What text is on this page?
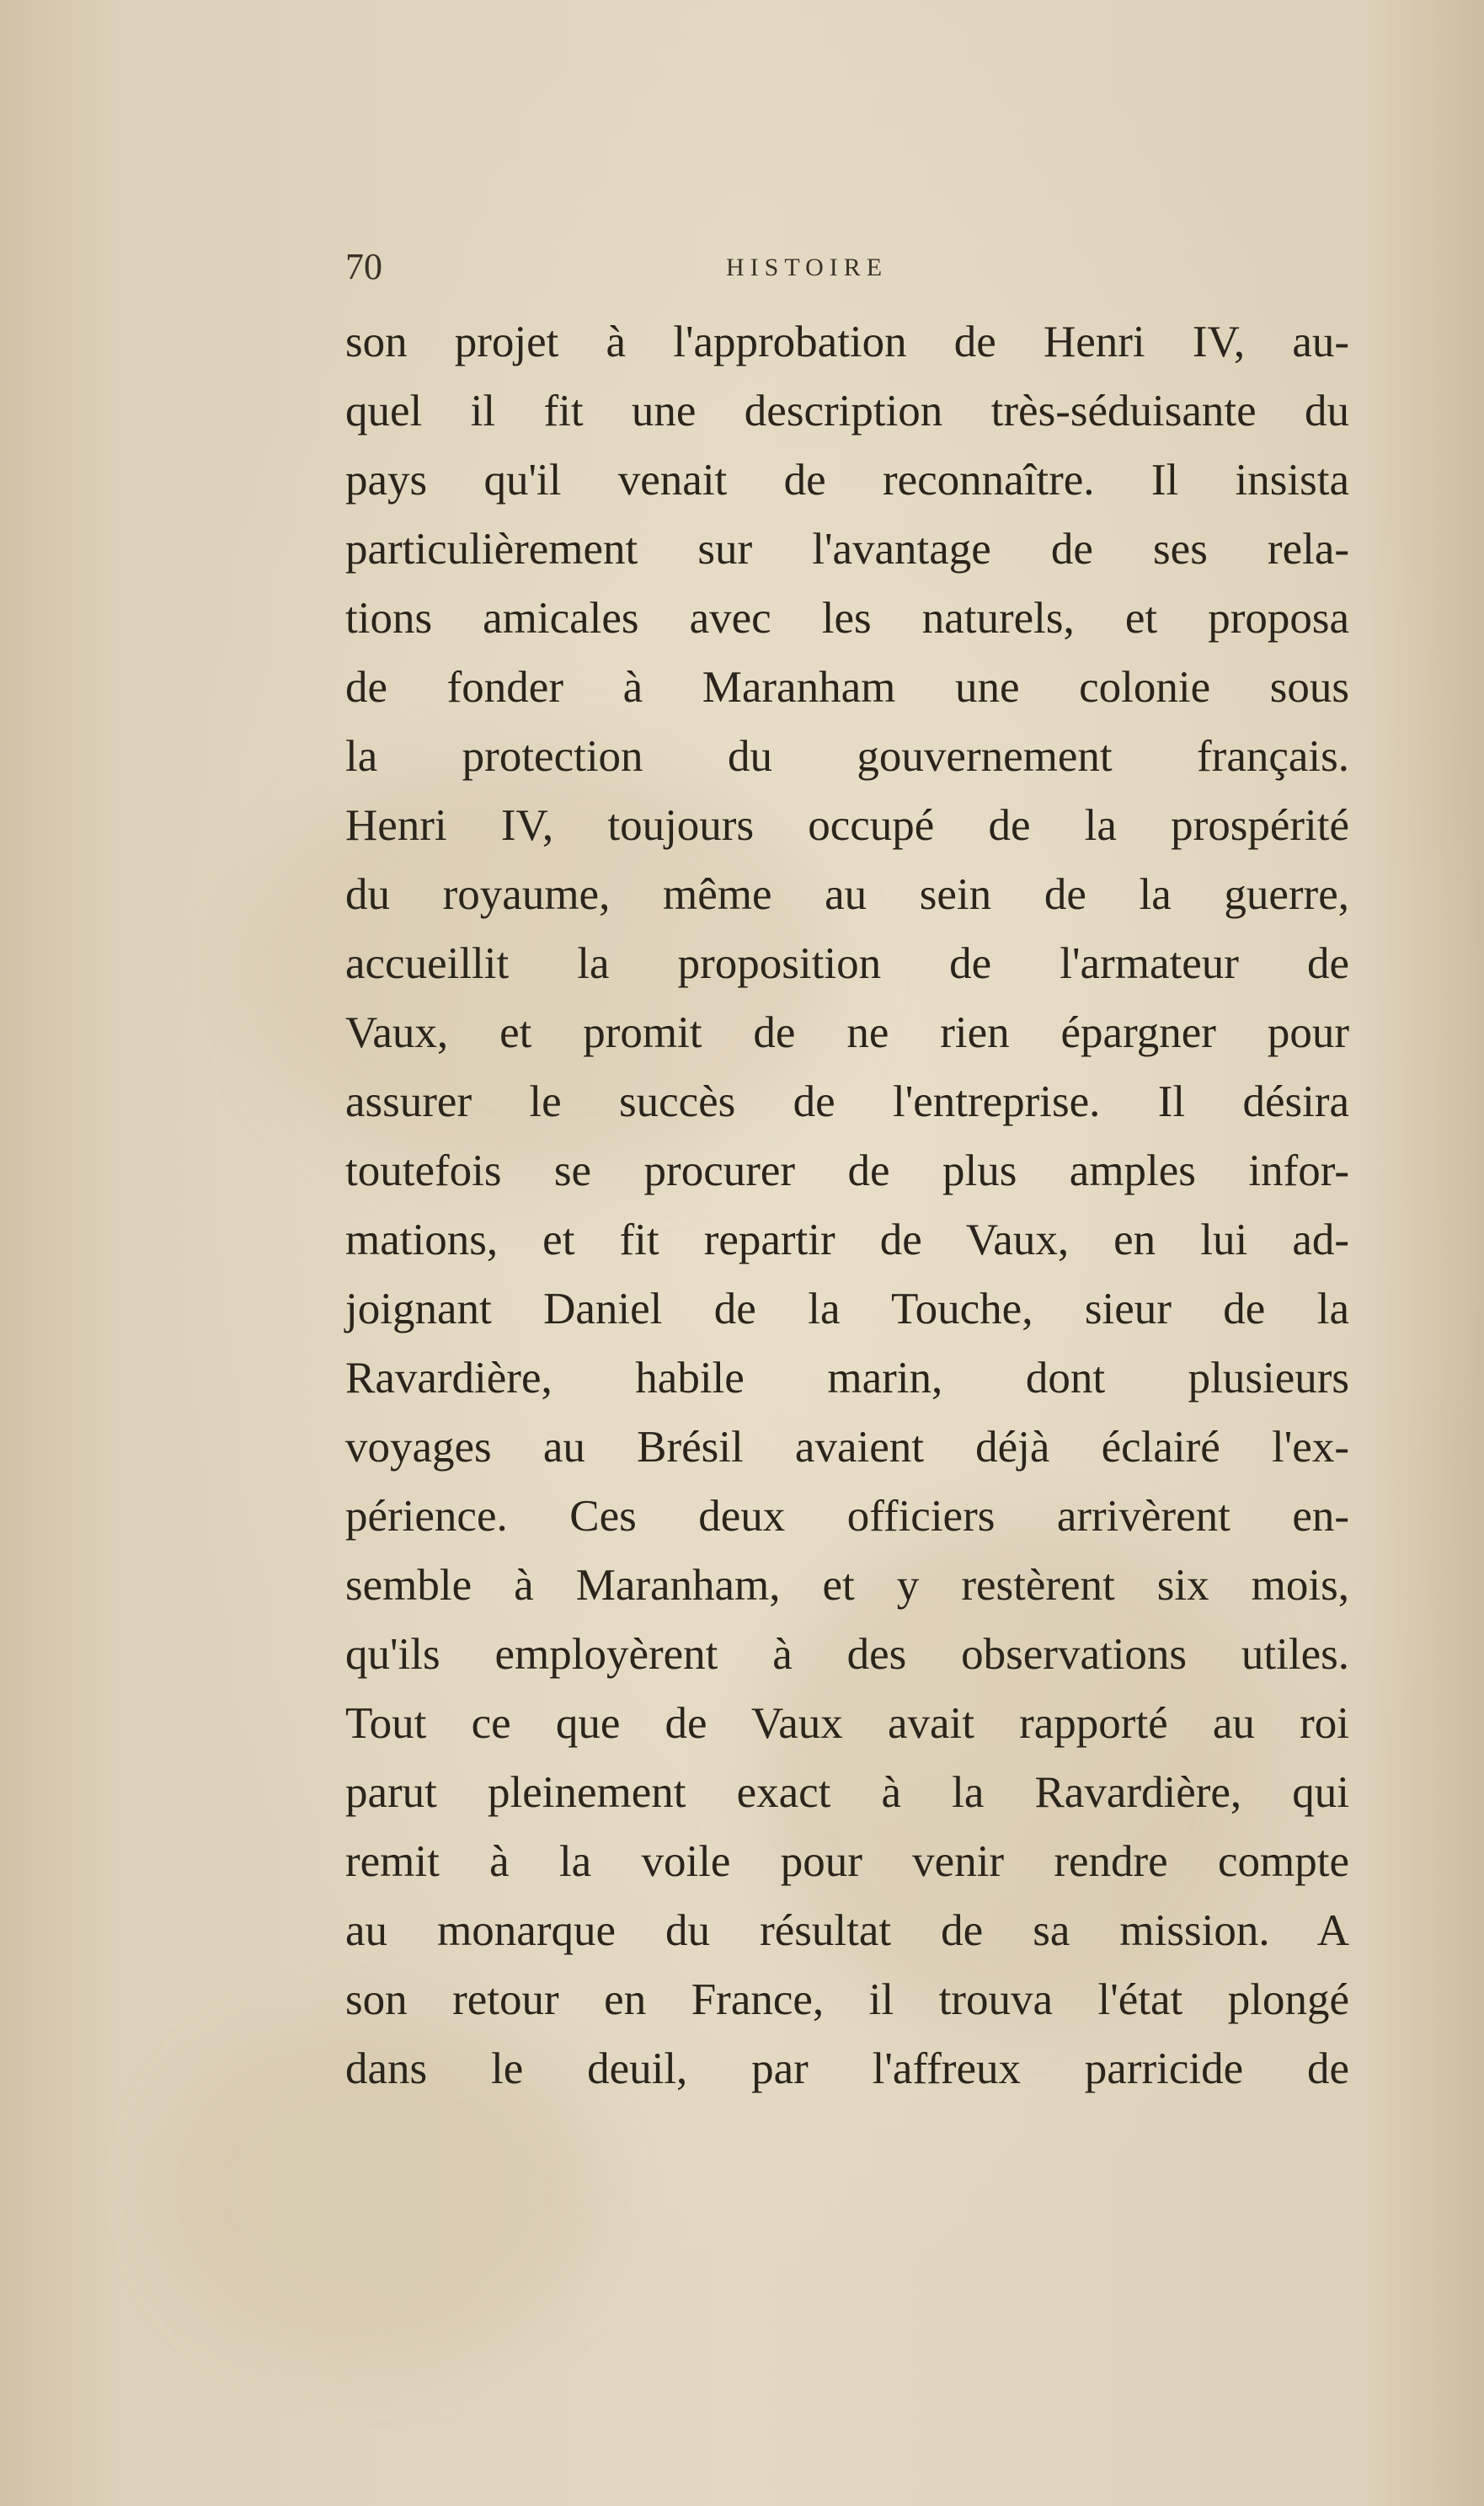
70	HISTOIRE
son projet à l'approbation de Henri IV, au-
quel il fit une description très-séduisante du
pays qu'il venait de reconnaître. Il insista
particulièrement sur l'avantage de ses rela-
tions amicales avec les naturels, et proposa
de fonder à Maranham une colonie sous
la protection du gouvernement français.
Henri IV, toujours occupé de la prospérité
du royaume, même au sein de la guerre,
accueillit la proposition de l'armateur de
Vaux, et promit de ne rien épargner pour
assurer le succès de l'entreprise. Il désira
toutefois se procurer de plus amples infor-
mations, et fit repartir de Vaux, en lui ad-
joignant Daniel de la Touche, sieur de la
Ravardière, habile marin, dont plusieurs
voyages au Brésil avaient déjà éclairé l'ex-
périence. Ces deux officiers arrivèrent en-
semble à Maranham, et y restèrent six mois,
qu'ils employèrent à des observations utiles.
Tout ce que de Vaux avait rapporté au roi
parut pleinement exact à la Ravardière, qui
remit à la voile pour venir rendre compte
au monarque du résultat de sa mission. A
son retour en France, il trouva l'état plongé
dans le deuil, par l'affreux parricide de
